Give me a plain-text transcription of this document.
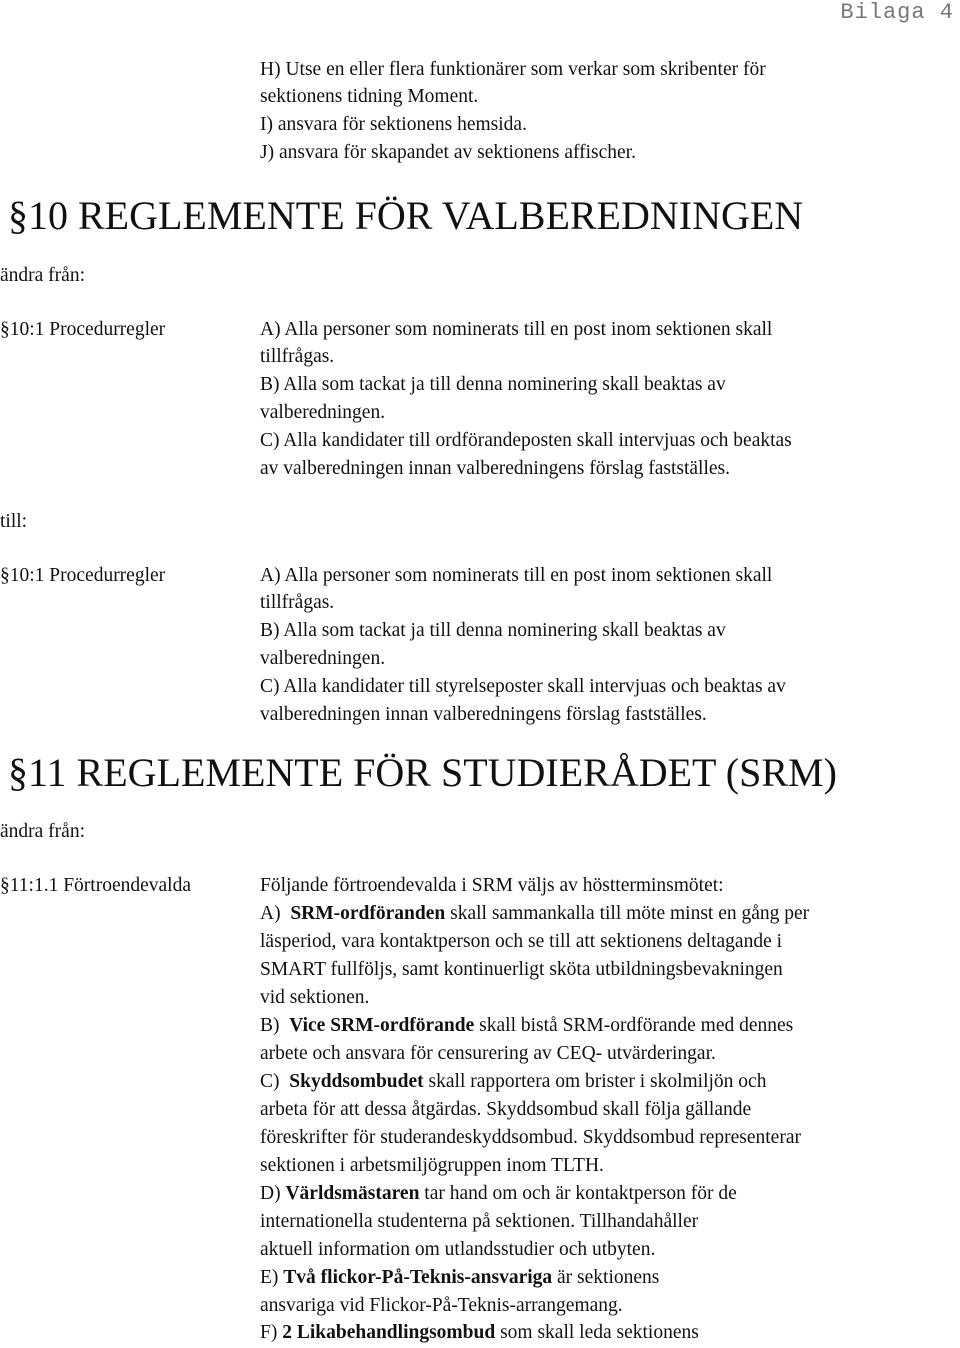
Bilaga 4
H) Utse en eller flera funktionärer som verkar som skribenter för
sektionens tidning Moment.
I) ansvara för sektionens hemsida.
J) ansvara för skapandet av sektionens affischer.
§10 REGLEMENTE FÖR VALBEREDNINGEN
ändra från:
§10:1 Procedurregler	A) Alla personer som nominerats till en post inom sektionen skall
tillfrågas.
B) Alla som tackat ja till denna nominering skall beaktas av
valberedningen.
C) Alla kandidater till ordförandeposten skall intervjuas och beaktas
av valberedningen innan valberedningens förslag fastställes.
till:
§10:1 Procedurregler	A) Alla personer som nominerats till en post inom sektionen skall
tillfrågas.
B) Alla som tackat ja till denna nominering skall beaktas av
valberedningen.
C) Alla kandidater till styrelseposter skall intervjuas och beaktas av
valberedningen innan valberedningens förslag fastställes.
§11 REGLEMENTE FÖR STUDIERÅDET (SRM)
ändra från:
§11:1.1 Förtroendevalda	Följande förtroendevalda i SRM väljs av höstterminsmötet:
A) SRM-ordföranden skall sammankalla till möte minst en gång per
läsperiod, vara kontaktperson och se till att sektionens deltagande i
SMART fullföljs, samt kontinuerligt sköta utbildningsbevakningen
vid sektionen.
B) Vice SRM-ordförande skall bistå SRM-ordförande med dennes
arbete och ansvara för censurering av CEQ- utvärderingar.
C) Skyddsombudet skall rapportera om brister i skolmiljön och
arbeta för att dessa åtgärdas. Skyddsombud skall följa gällande
föreskrifter för studerandeskyddsombud. Skyddsombud representerar
sektionen i arbetsmiljögruppen inom TLTH.
D) Världsmästaren tar hand om och är kontaktperson för de
internationella studenterna på sektionen. Tillhandahåller
aktuell information om utlandsstudier och utbyten.
E) Två flickor-På-Teknis-ansvariga är sektionens
ansvariga vid Flickor-På-Teknis-arrangemang.
F) 2 Likabehandlingsombud som skall leda sektionens
